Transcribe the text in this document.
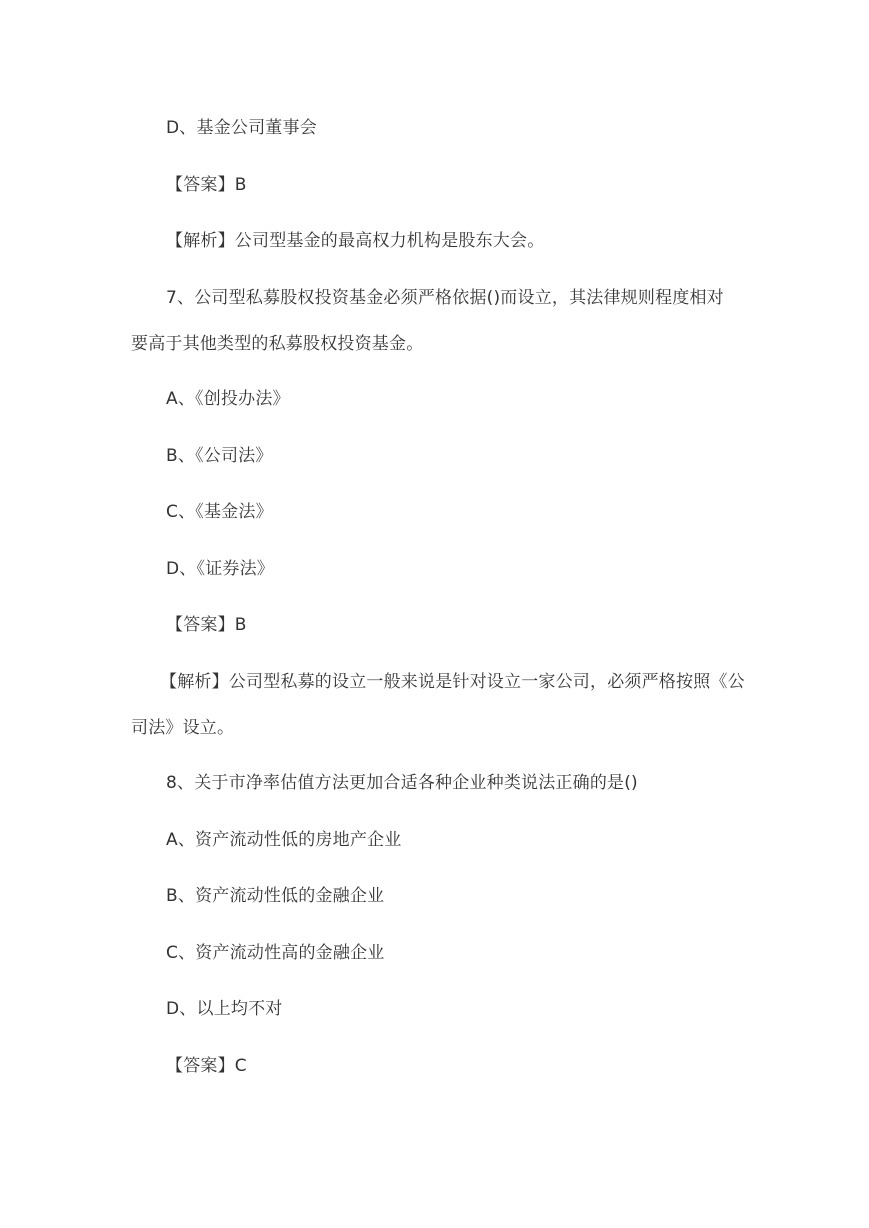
D、基金公司董事会
【答案】B
【解析】公司型基金的最高权力机构是股东大会。
7、公司型私募股权投资基金必须严格依据()而设立，其法律规则程度相对
要高于其他类型的私募股权投资基金。
A、《创投办法》
B、《公司法》
C、《基金法》
D、《证券法》
【答案】B
【解析】公司型私募的设立一般来说是针对设立一家公司，必须严格按照《公
司法》设立。
8、关于市净率估值方法更加合适各种企业种类说法正确的是()
A、资产流动性低的房地产企业
B、资产流动性低的金融企业
C、资产流动性高的金融企业
D、以上均不对
【答案】C
